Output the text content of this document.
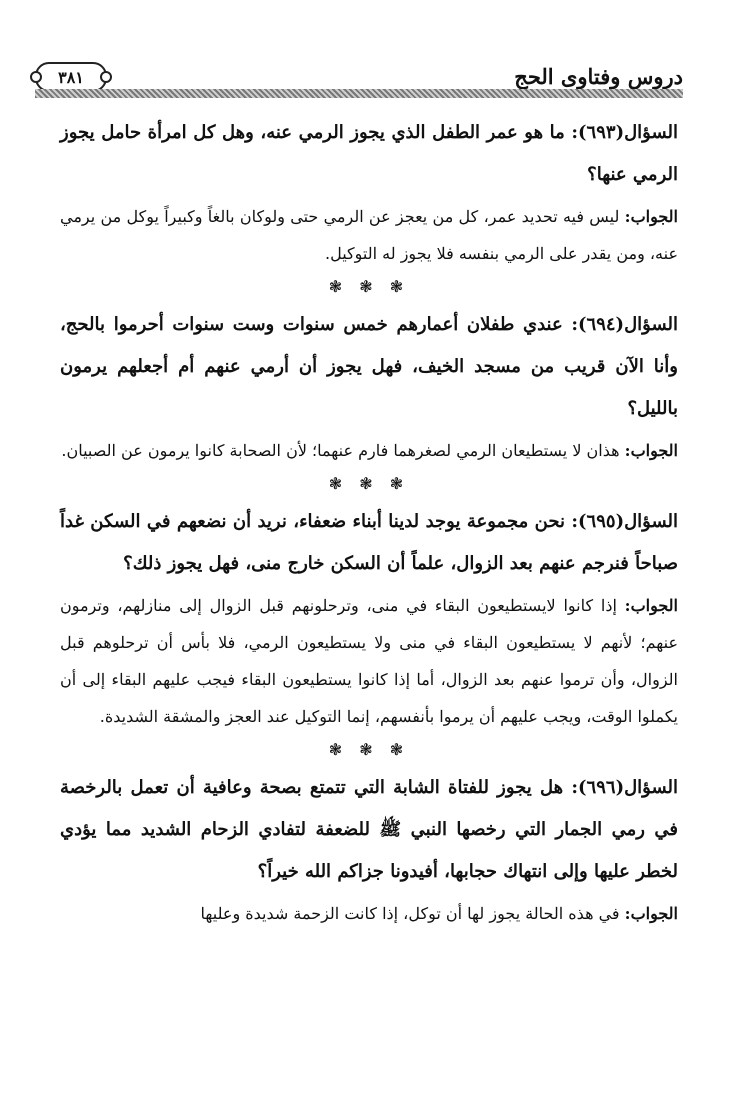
دروس وفتاوى الحج
٣٨١

السؤال(٦٩٣): ما هو عمر الطفل الذي يجوز الرمي عنه، وهل كل امرأة حامل يجوز الرمي عنها؟

الجواب: ليس فيه تحديد عمر، كل من يعجز عن الرمي حتى ولوكان بالغاً وكبيراً يوكل من يرمي عنه، ومن يقدر على الرمي بنفسه فلا يجوز له التوكيل.

❃ ❃ ❃

السؤال(٦٩٤): عندي طفلان أعمارهم خمس سنوات وست سنوات أحرموا بالحج، وأنا الآن قريب من مسجد الخيف، فهل يجوز أن أرمي عنهم أم أجعلهم يرمون بالليل؟

الجواب: هذان لا يستطيعان الرمي لصغرهما فارم عنهما؛ لأن الصحابة كانوا يرمون عن الصبيان.

❃ ❃ ❃

السؤال(٦٩٥): نحن مجموعة يوجد لدينا أبناء ضعفاء، نريد أن نضعهم في السكن غداً صباحاً فنرجم عنهم بعد الزوال، علماً أن السكن خارج منى، فهل يجوز ذلك؟

الجواب: إذا كانوا لايستطيعون البقاء في منى، وترحلونهم قبل الزوال إلى منازلهم، وترمون عنهم؛ لأنهم لا يستطيعون البقاء في منى ولا يستطيعون الرمي، فلا بأس أن ترحلوهم قبل الزوال، وأن ترموا عنهم بعد الزوال، أما إذا كانوا يستطيعون البقاء فيجب عليهم البقاء إلى أن يكملوا الوقت، ويجب عليهم أن يرموا بأنفسهم، إنما التوكيل عند العجز والمشقة الشديدة.

❃ ❃ ❃

السؤال(٦٩٦): هل يجوز للفتاة الشابة التي تتمتع بصحة وعافية أن تعمل بالرخصة في رمي الجمار التي رخصها النبي ﷺ للضعفة لتفادي الزحام الشديد مما يؤدي لخطر عليها وإلى انتهاك حجابها، أفيدونا جزاكم الله خيراً؟

الجواب: في هذه الحالة يجوز لها أن توكل، إذا كانت الزحمة شديدة وعليها
